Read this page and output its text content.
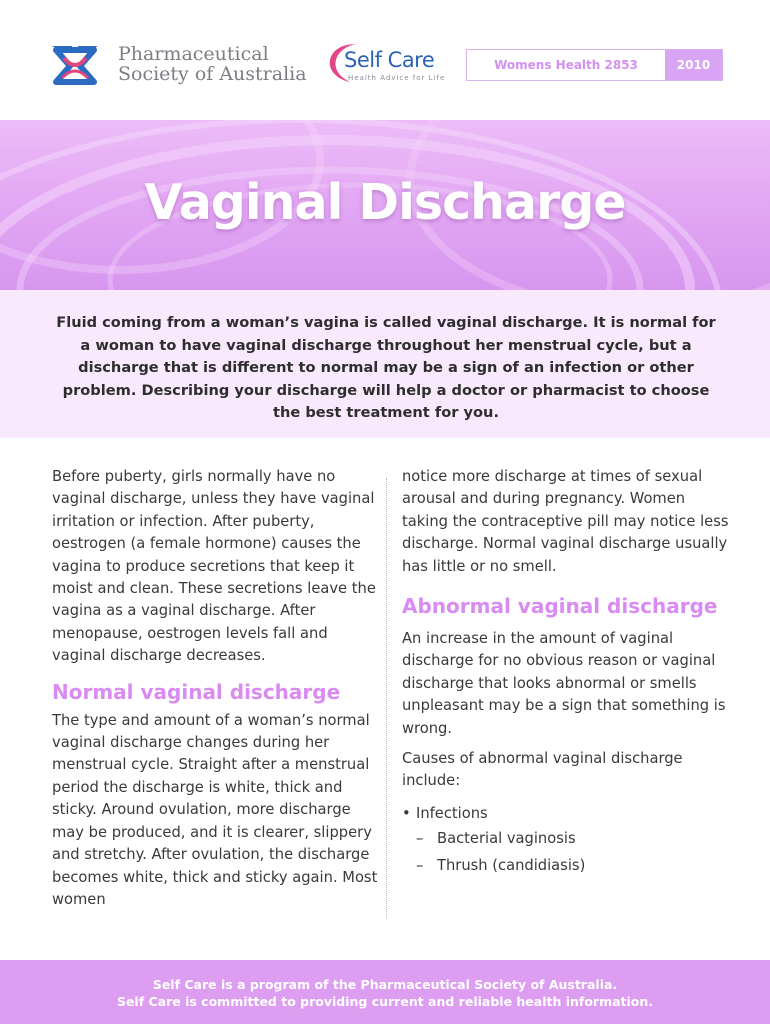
Pharmaceutical
Society of Australia
Self Care
Health Advice for Life
Womens Health 2853	2010
Vaginal Discharge

Fluid coming from a woman’s vagina is called vaginal discharge. It is normal for a woman to have vaginal discharge throughout her menstrual cycle, but a discharge that is different to normal may be a sign of an infection or other problem. Describing your discharge will help a doctor or pharmacist to choose the best treatment for you.

Before puberty, girls normally have no vaginal discharge, unless they have vaginal irritation or infection. After puberty, oestrogen (a female hormone) causes the vagina to produce secretions that keep it moist and clean. These secretions leave the vagina as a vaginal discharge. After menopause, oestrogen levels fall and vaginal discharge decreases.

Normal vaginal discharge

The type and amount of a woman’s normal vaginal discharge changes during her menstrual cycle. Straight after a menstrual period the discharge is white, thick and sticky. Around ovulation, more discharge may be produced, and it is clearer, slippery and stretchy. After ovulation, the discharge becomes white, thick and sticky again. Most women

notice more discharge at times of sexual arousal and during pregnancy. Women taking the contraceptive pill may notice less discharge. Normal vaginal discharge usually has little or no smell.

Abnormal vaginal discharge

An increase in the amount of vaginal discharge for no obvious reason or vaginal discharge that looks abnormal or smells unpleasant may be a sign that something is wrong.

Causes of abnormal vaginal discharge include:

• Infections
– Bacterial vaginosis
– Thrush (candidiasis)

Self Care is a program of the Pharmaceutical Society of Australia.

Self Care is committed to providing current and reliable health information.
